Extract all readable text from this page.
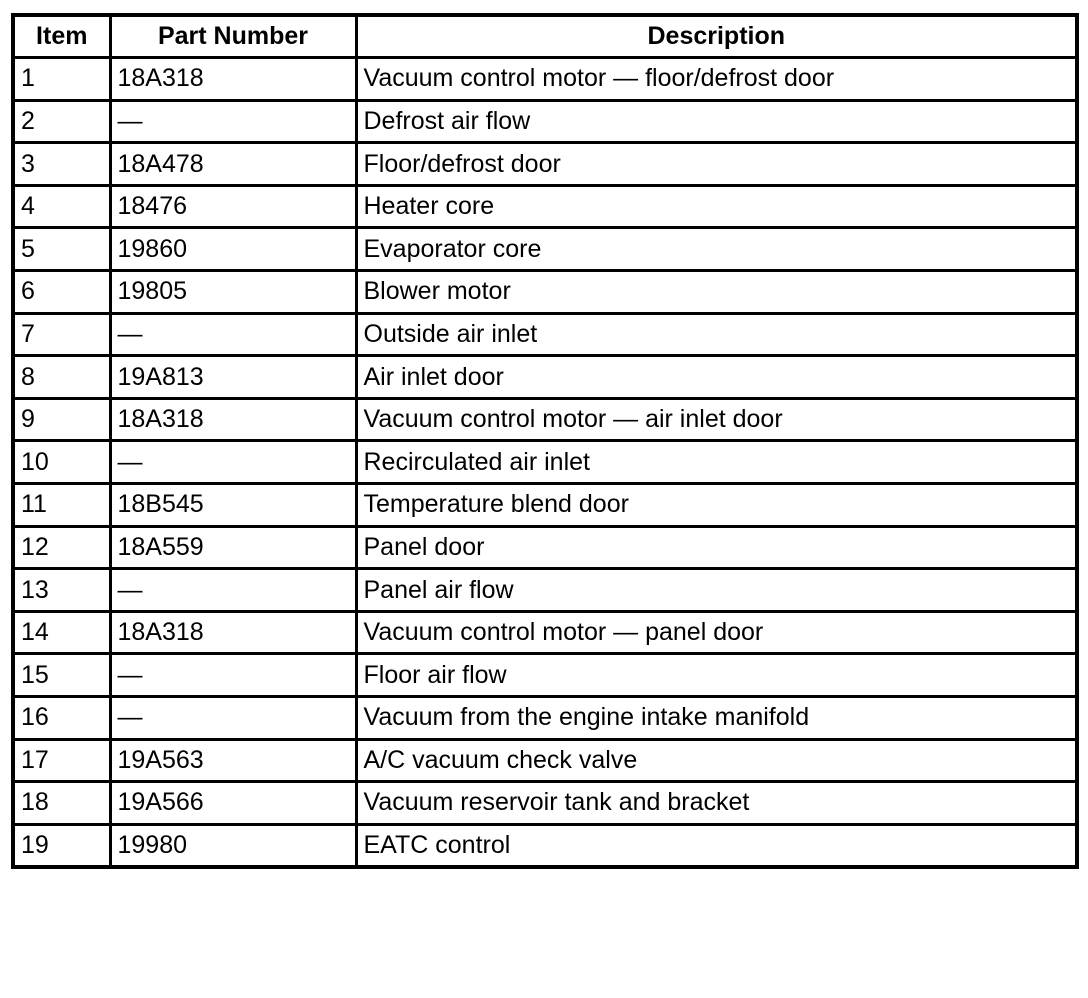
Item	Part Number	Description
1	18A318	Vacuum control motor — floor/defrost door
2	—	Defrost air flow
3	18A478	Floor/defrost door
4	18476	Heater core
5	19860	Evaporator core
6	19805	Blower motor
7	—	Outside air inlet
8	19A813	Air inlet door
9	18A318	Vacuum control motor — air inlet door
10	—	Recirculated air inlet
11	18B545	Temperature blend door
12	18A559	Panel door
13	—	Panel air flow
14	18A318	Vacuum control motor — panel door
15	—	Floor air flow
16	—	Vacuum from the engine intake manifold
17	19A563	A/C vacuum check valve
18	19A566	Vacuum reservoir tank and bracket
19	19980	EATC control
